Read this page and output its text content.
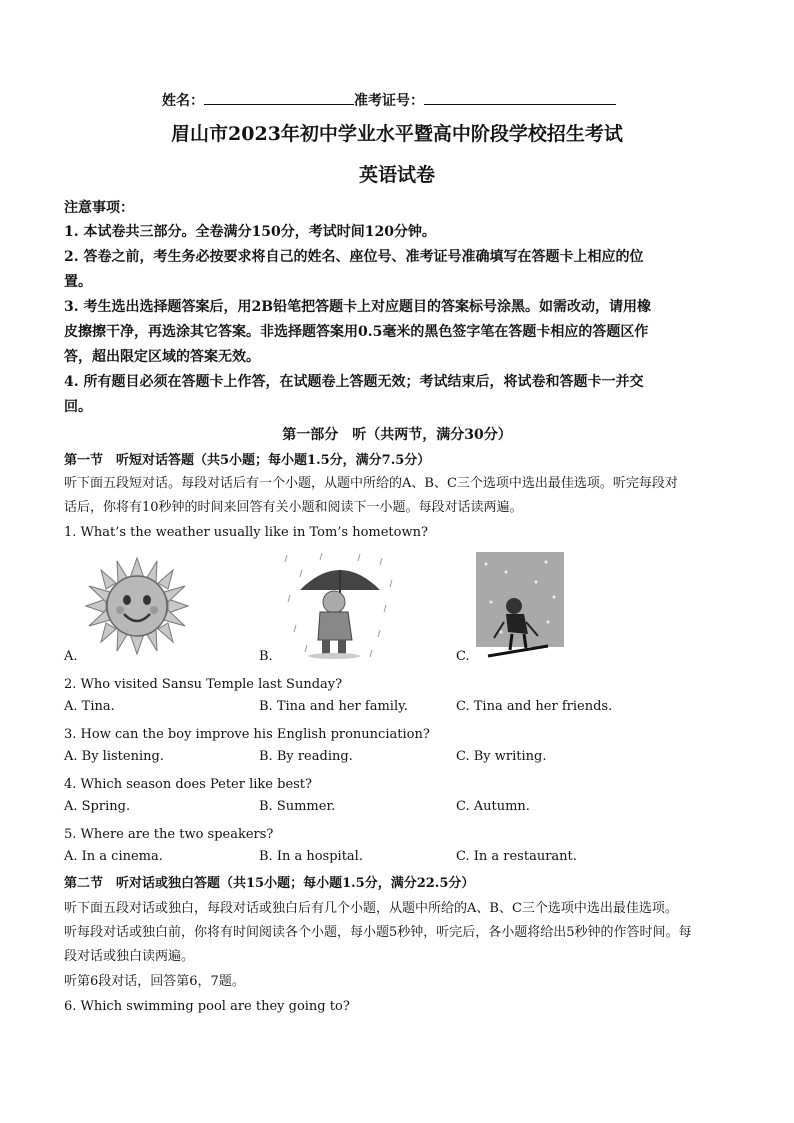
姓名：	准考证号：
眉山市2023年初中学业水平暨高中阶段学校招生考试
英语试卷
注意事项：
1. 本试卷共三部分。全卷满分150分，考试时间120分钟。
2. 答卷之前，考生务必按要求将自己的姓名、座位号、准考证号准确填写在答题卡上相应的位
置。
3. 考生选出选择题答案后，用2B铅笔把答题卡上对应题目的答案标号涂黑。如需改动，请用橡
皮擦擦干净，再选涂其它答案。非选择题答案用0.5毫米的黑色签字笔在答题卡相应的答题区作
答，超出限定区域的答案无效。
4. 所有题目必须在答题卡上作答，在试题卷上答题无效；考试结束后，将试卷和答题卡一并交
回。
第一部分　听（共两节，满分30分）
第一节　听短对话答题（共5小题；每小题1.5分，满分7.5分）
听下面五段短对话。每段对话后有一个小题，从题中所给的A、B、C三个选项中选出最佳选项。听完每段对
话后，你将有10秒钟的时间来回答有关小题和阅读下一小题。每段对话读两遍。
1. What’s the weather usually like in Tom’s hometown?
A.	B.	C.
2. Who visited Sansu Temple last Sunday?
A. Tina.	B. Tina and her family.	C. Tina and her friends.
3. How can the boy improve his English pronunciation?
A. By listening.	B. By reading.	C. By writing.
4. Which season does Peter like best?
A. Spring.	B. Summer.	C. Autumn.
5. Where are the two speakers?
A. In a cinema.	B. In a hospital.	C. In a restaurant.
第二节　听对话或独白答题（共15小题；每小题1.5分，满分22.5分）
听下面五段对话或独白，每段对话或独白后有几个小题，从题中所给的A、B、C三个选项中选出最佳选项。
听每段对话或独白前，你将有时间阅读各个小题，每小题5秒钟，听完后，各小题将给出5秒钟的作答时间。每
段对话或独白读两遍。
听第6段对话，回答第6，7题。
6. Which swimming pool are they going to?
